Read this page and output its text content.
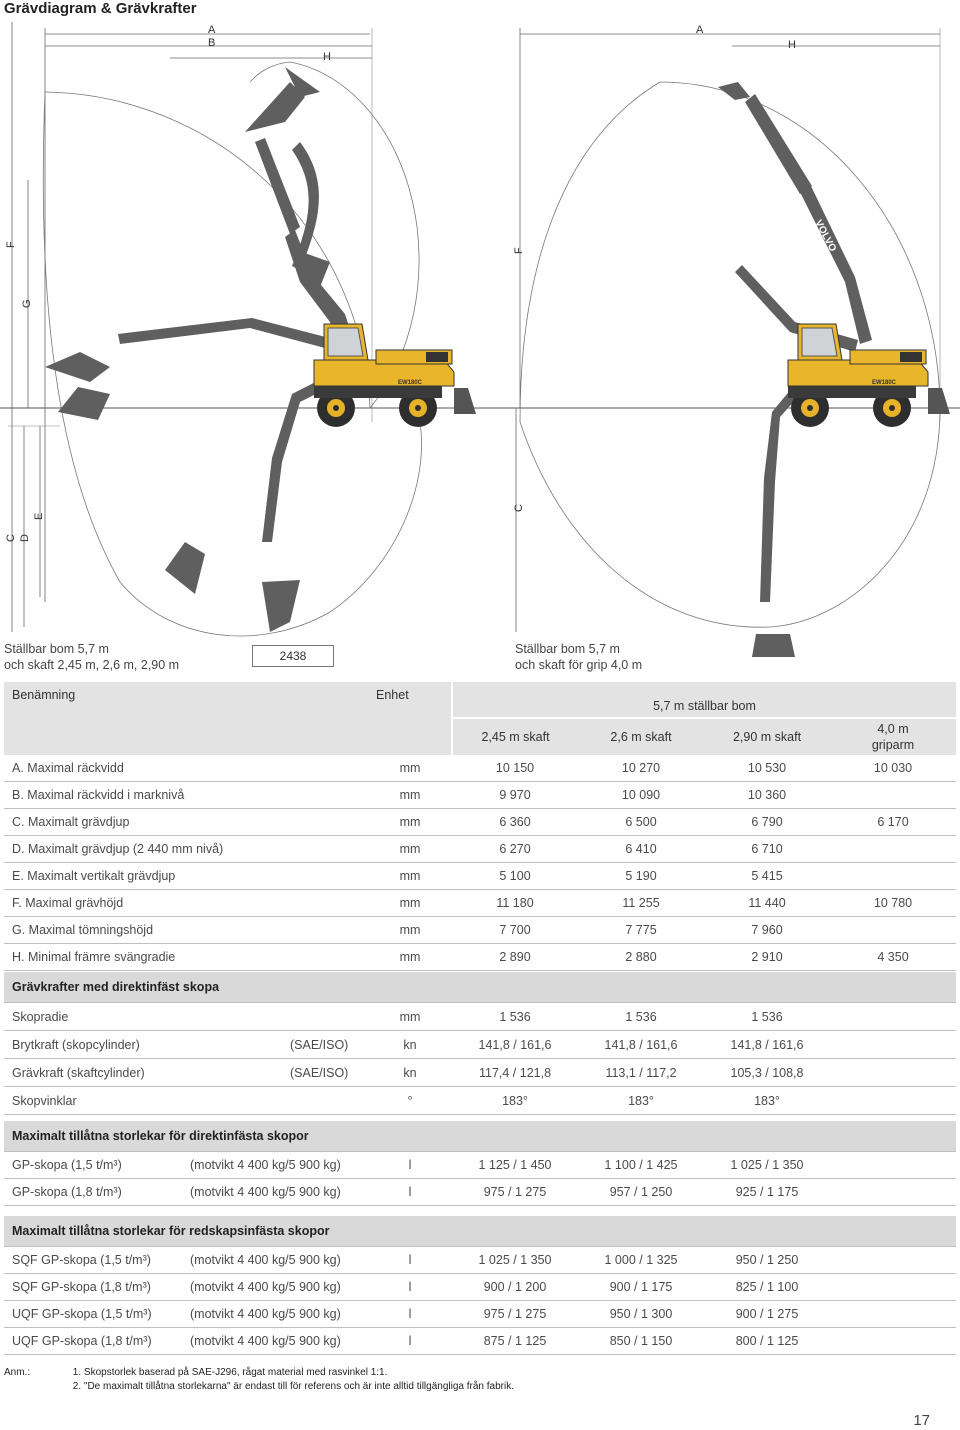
Grävdiagram & Grävkrafter
A
B
H
F
G
C D
E
VOLVO
EW180C
A
H
F
C
VOLVO
EW180C
Ställbar bom 5,7 m
och skaft 2,45 m, 2,6 m, 2,90 m
2438	Ställbar bom 5,7 m
och skaft för grip 4,0 m
Benämning	Enhet	5,7 m ställbar bom			
		2,45 m skaft	2,6 m skaft	2,90 m skaft	4,0 m
griparm

A. Maximal räckvidd	mm	10 150	10 270	10 530	10 030
B. Maximal räckvidd i marknivå	mm	9 970	10 090	10 360	
C. Maximalt grävdjup	mm	6 360	6 500	6 790	6 170
D. Maximalt grävdjup (2 440 mm nivå)	mm	6 270	6 410	6 710	
E. Maximalt vertikalt grävdjup	mm	5 100	5 190	5 415	
F. Maximal grävhöjd	mm	11 180	11 255	11 440	10 780
G. Maximal tömningshöjd	mm	7 700	7 775	7 960	
H. Minimal främre svängradie	mm	2 890	2 880	2 910	4 350
Grävkrafter med direktinfäst skopa						
Skopradie		mm	1 536	1 536	1 536	
Brytkraft (skopcylinder)	(SAE/ISO)	kn	141,8 / 161,6	141,8 / 161,6	141,8 / 161,6	
Grävkraft (skaftcylinder)	(SAE/ISO)	kn	117,4 / 121,8	113,1 / 117,2	105,3 / 108,8	
Skopvinklar		°	183°	183°	183°	
Maximalt tillåtna storlekar för direktinfästa skopor						
GP-skopa (1,5 t/m³)	(motvikt 4 400 kg/5 900 kg)	l	1 125 / 1 450	1 100 / 1 425	1 025 / 1 350	
GP-skopa (1,8 t/m³)	(motvikt 4 400 kg/5 900 kg)	l	975 / 1 275	957 / 1 250	925 / 1 175	
Maximalt tillåtna storlekar för redskapsinfästa skopor						
SQF GP-skopa (1,5 t/m³)	(motvikt 4 400 kg/5 900 kg)	l	1 025 / 1 350	1 000 / 1 325	950 / 1 250	
SQF GP-skopa (1,8 t/m³)	(motvikt 4 400 kg/5 900 kg)	l	900 / 1 200	900 / 1 175	825 / 1 100	
UQF GP-skopa (1,5 t/m³)	(motvikt 4 400 kg/5 900 kg)	l	975 / 1 275	950 / 1 300	900 / 1 275	
UQF GP-skopa (1,8 t/m³)	(motvikt 4 400 kg/5 900 kg)	l	875 / 1 125	850 / 1 150	800 / 1 125	
Anm.:	1. Skopstorlek baserad på SAE-J296, rågat material med rasvinkel 1:1.
2. "De maximalt tillåtna storlekarna" är endast till för referens och är inte alltid tillgängliga från fabrik.
17
